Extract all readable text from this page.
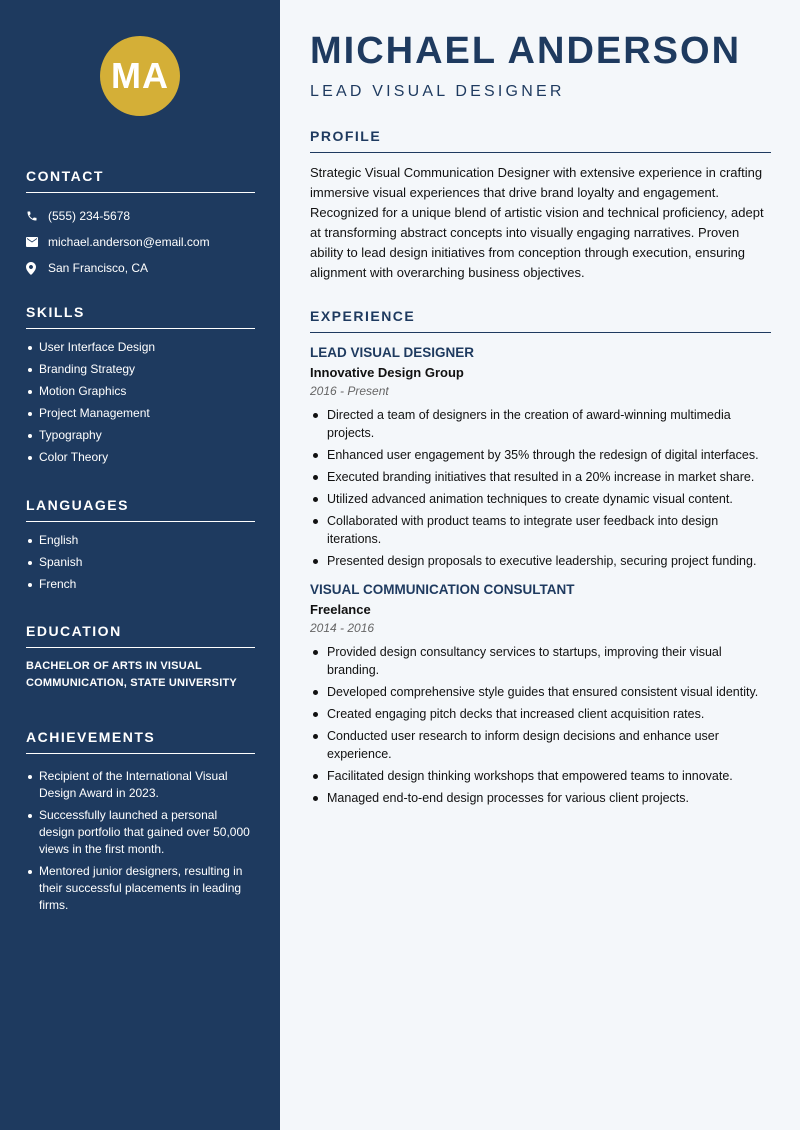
MA
CONTACT
(555) 234-5678
michael.anderson@email.com
San Francisco, CA
SKILLS
User Interface Design
Branding Strategy
Motion Graphics
Project Management
Typography
Color Theory
LANGUAGES
English
Spanish
French
EDUCATION
BACHELOR OF ARTS IN VISUAL COMMUNICATION, STATE UNIVERSITY
ACHIEVEMENTS
Recipient of the International Visual Design Award in 2023.
Successfully launched a personal design portfolio that gained over 50,000 views in the first month.
Mentored junior designers, resulting in their successful placements in leading firms.
MICHAEL ANDERSON
LEAD VISUAL DESIGNER
PROFILE

Strategic Visual Communication Designer with extensive experience in crafting immersive visual experiences that drive brand loyalty and engagement. Recognized for a unique blend of artistic vision and technical proficiency, adept at transforming abstract concepts into visually engaging narratives. Proven ability to lead design initiatives from conception through execution, ensuring alignment with overarching business objectives.

EXPERIENCE
LEAD VISUAL DESIGNER
Innovative Design Group
2016 - Present
Directed a team of designers in the creation of award-winning multimedia projects.
Enhanced user engagement by 35% through the redesign of digital interfaces.
Executed branding initiatives that resulted in a 20% increase in market share.
Utilized advanced animation techniques to create dynamic visual content.
Collaborated with product teams to integrate user feedback into design iterations.
Presented design proposals to executive leadership, securing project funding.
VISUAL COMMUNICATION CONSULTANT
Freelance
2014 - 2016
Provided design consultancy services to startups, improving their visual branding.
Developed comprehensive style guides that ensured consistent visual identity.
Created engaging pitch decks that increased client acquisition rates.
Conducted user research to inform design decisions and enhance user experience.
Facilitated design thinking workshops that empowered teams to innovate.
Managed end-to-end design processes for various client projects.
